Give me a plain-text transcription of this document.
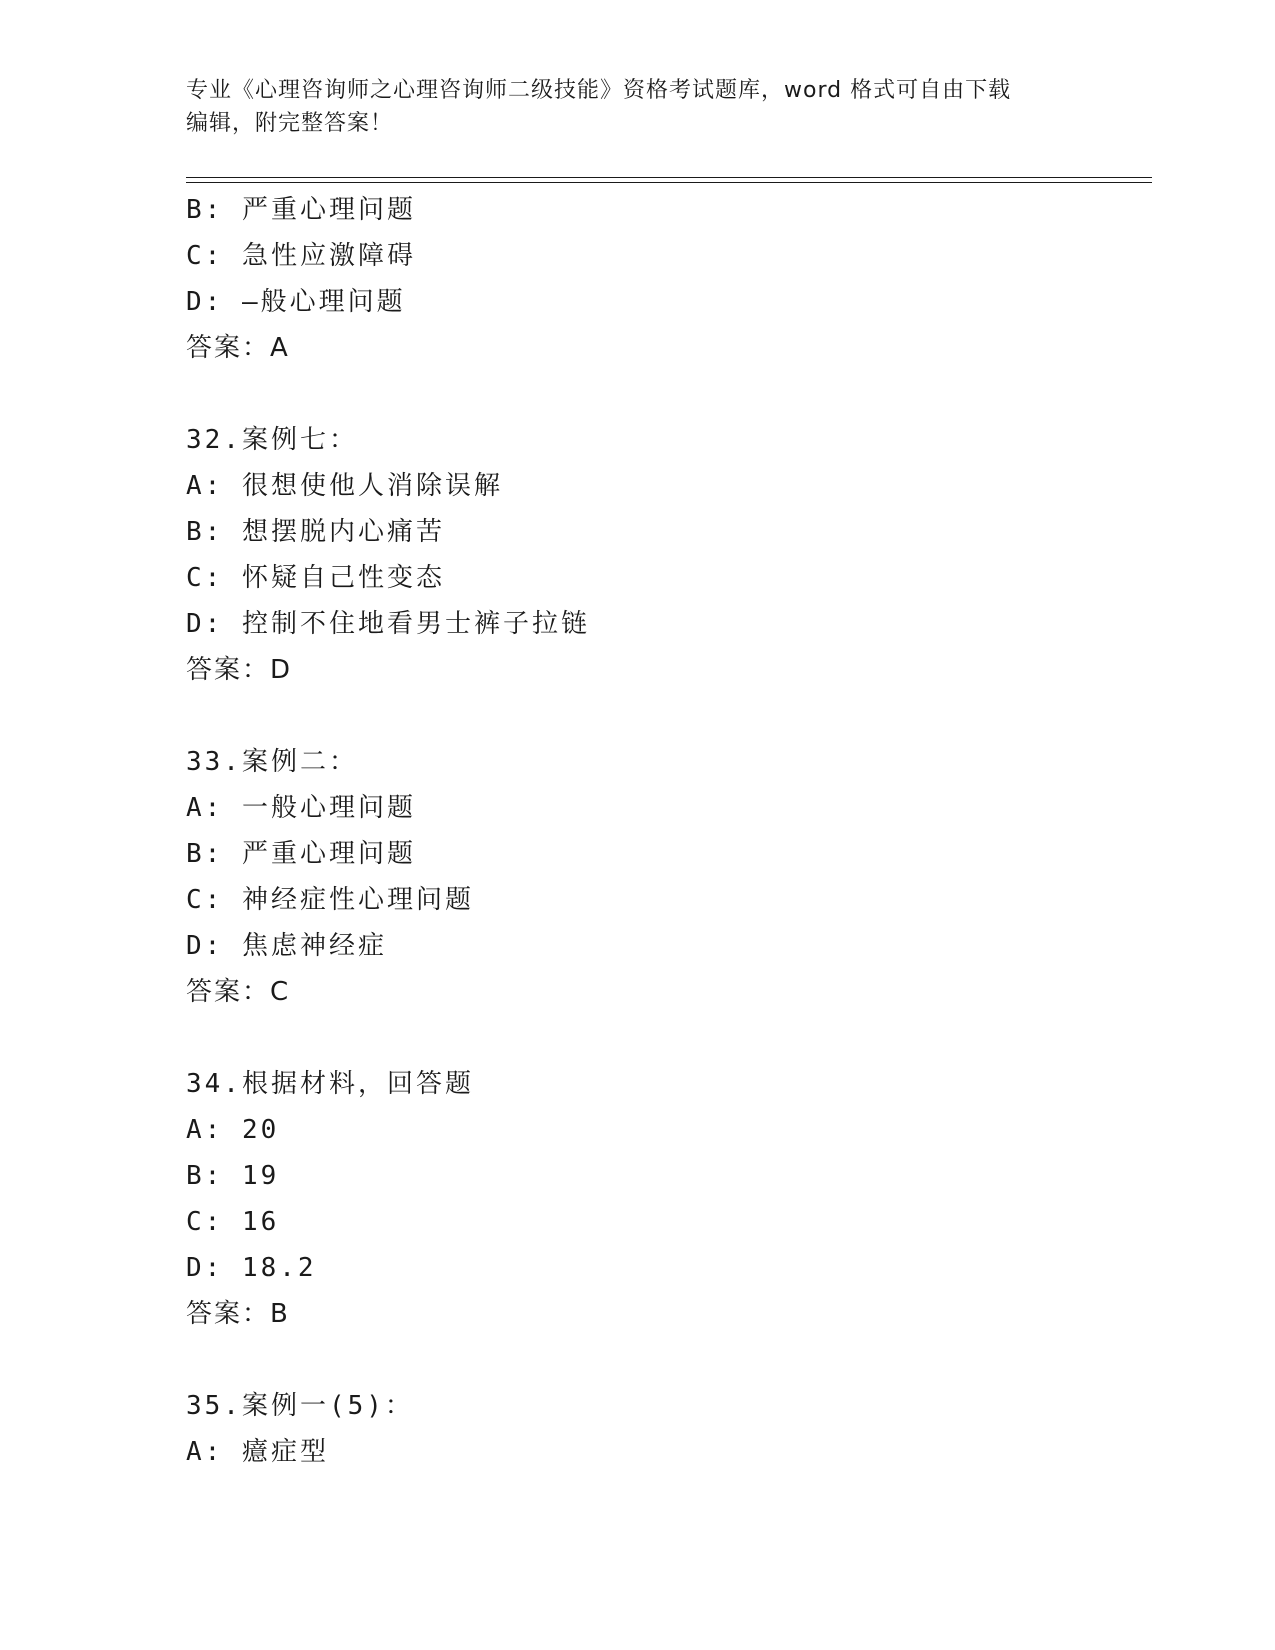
专业《心理咨询师之心理咨询师二级技能》资格考试题库，word 格式可自由下载
编辑，附完整答案！
B: 严重心理问题
C: 急性应激障碍
D: —般心理问题
答案：A
32.案例七：
A: 很想使他人消除误解
B: 想摆脱内心痛苦
C: 怀疑自己性变态
D: 控制不住地看男士裤子拉链
答案：D
33.案例二：
A: 一般心理问题
B: 严重心理问题
C: 神经症性心理问题
D: 焦虑神经症
答案：C
34.根据材料，回答题
A: 20
B: 19
C: 16
D: 18.2
答案：B
35.案例一(5)：
A: 癔症型
